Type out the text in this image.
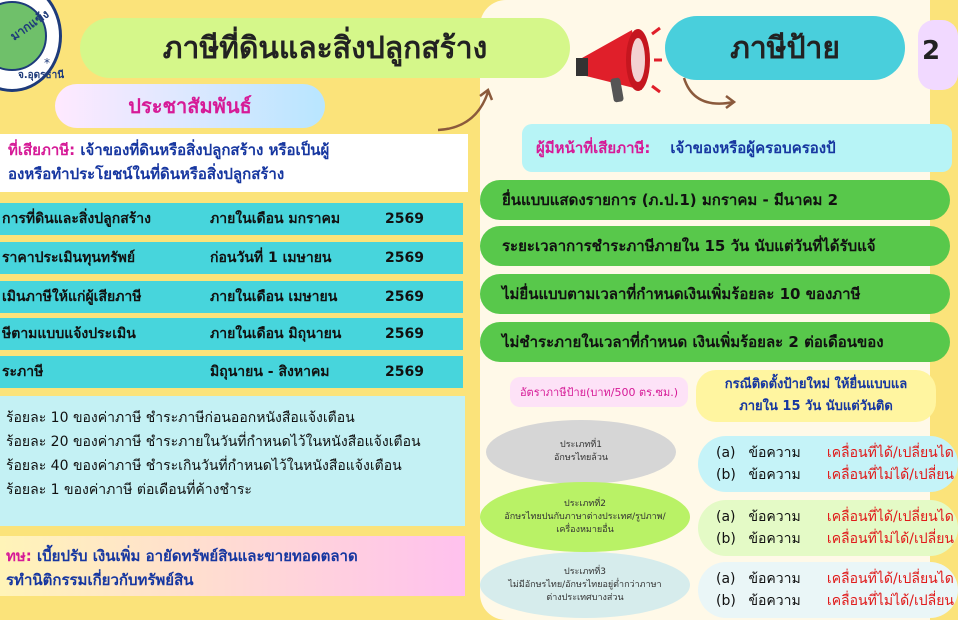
มากแข้ง
จ.อุดรธานี
*	ภาษีที่ดินและสิ่งปลูกสร้าง
ประชาสัมพันธ์
ภาษีป้าย	2
ที่เสียภาษี: เจ้าของที่ดินหรือสิ่งปลูกสร้าง หรือเป็นผู้
องหรือทำประโยชน์ในที่ดินหรือสิ่งปลูกสร้าง
การที่ดินและสิ่งปลูกสร้าง	ภายในเดือน มกราคม	2569
ราคาประเมินทุนทรัพย์	ก่อนวันที่ 1 เมษายน	2569
เมินภาษีให้แก่ผู้เสียภาษี	ภายในเดือน เมษายน	2569
ษีตามแบบแจ้งประเมิน	ภายในเดือน มิถุนายน	2569
ระภาษี	มิถุนายน - สิงหาคม	2569
ร้อยละ 10 ของค่าภาษี ชำระภาษีก่อนออกหนังสือแจ้งเตือน
ร้อยละ 20 ของค่าภาษี ชำระภายในวันที่กำหนดไว้ในหนังสือแจ้งเตือน
ร้อยละ 40 ของค่าภาษี ชำระเกินวันที่กำหนดไว้ในหนังสือแจ้งเตือน
ร้อยละ 1 ของค่าภาษี ต่อเดือนที่ค้างชำระ
ทษ: เบี้ยปรับ เงินเพิ่ม อายัดทรัพย์สินและขายทอดตลาด
รทำนิติกรรมเกี่ยวกับทรัพย์สิน
ผู้มีหน้าที่เสียภาษี: เจ้าของหรือผู้ครอบครองป้
ยื่นแบบแสดงรายการ (ภ.ป.1) มกราคม - มีนาคม 2
ระยะเวลาการชำระภาษีภายใน 15 วัน นับแต่วันที่ได้รับแจ้
ไม่ยื่นแบบตามเวลาที่กำหนดเงินเพิ่มร้อยละ 10 ของภาษี
ไม่ชำระภายในเวลาที่กำหนด เงินเพิ่มร้อยละ 2 ต่อเดือนของ
อัตราภาษีป้าย(บาท/500 ตร.ซม.)
กรณีติดตั้งป้ายใหม่ ให้ยื่นแบบแล
ภายใน 15 วัน นับแต่วันติด
ประเภทที่1
อักษรไทยล้วน
ประเภทที่2
อักษรไทยปนกับภาษาต่างประเทศ/รูปภาพ/
เครื่องหมายอื่น
ประเภทที่3
ไม่มีอักษรไทย/อักษรไทยอยู่ต่ำกว่าภาษา
ต่างประเทศบางส่วน
(a) ข้อความ เคลื่อนที่ได้/เปลี่ยนได
(b) ข้อความ เคลื่อนที่ไม่ได้/เปลี่ยน
(a) ข้อความ เคลื่อนที่ได้/เปลี่ยนได
(b) ข้อความ เคลื่อนที่ไม่ได้/เปลี่ยน
(a) ข้อความ เคลื่อนที่ได้/เปลี่ยนได
(b) ข้อความ เคลื่อนที่ไม่ได้/เปลี่ยน
